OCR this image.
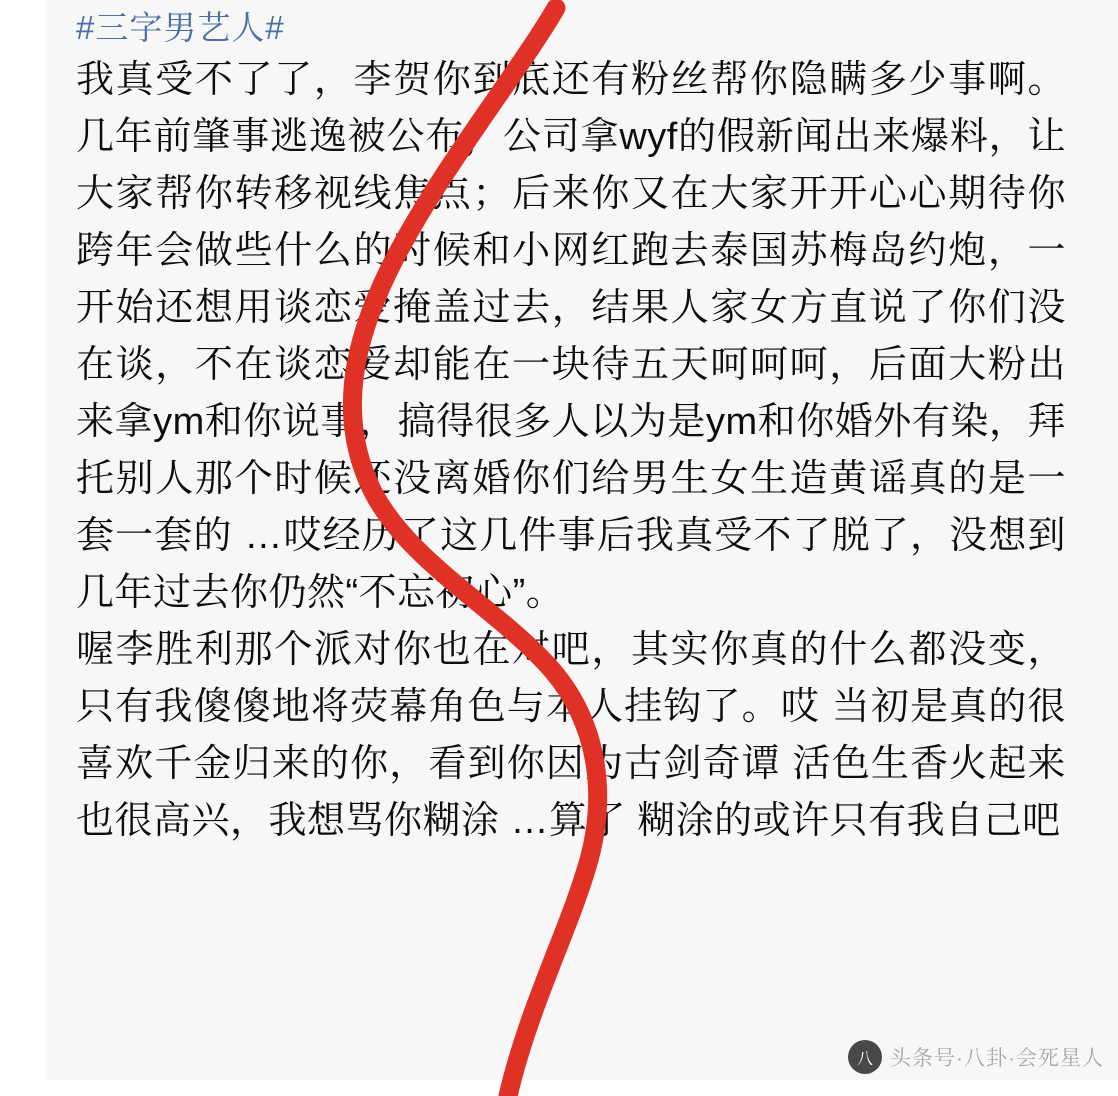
#三字男艺人#
我真受不了了，李贺你到底还有粉丝帮你隐瞒多少事啊。几年前肇事逃逸被公布，公司拿wyf的假新闻出来爆料，让大家帮你转移视线焦点；后来你又在大家开开心心期待你跨年会做些什么的时候和小网红跑去泰国苏梅岛约炮，一开始还想用谈恋爱掩盖过去，结果人家女方直说了你们没在谈，不在谈恋爱却能在一块待五天呵呵呵，后面大粉出来拿ym和你说事，搞得很多人以为是ym和你婚外有染，拜托别人那个时候还没离婚你们给男生女生造黄谣真的是一套一套的 …哎经历了这几件事后我真受不了脱了，没想到几年过去你仍然“不忘初心”。
喔李胜利那个派对你也在对吧，其实你真的什么都没变，只有我傻傻地将荧幕角色与本人挂钩了。哎 当初是真的很喜欢千金归来的你，看到你因为古剑奇谭 活色生香火起来也很高兴，我想骂你糊涂 …算了 糊涂的或许只有我自己吧
八 头条号·八卦·会死星人
